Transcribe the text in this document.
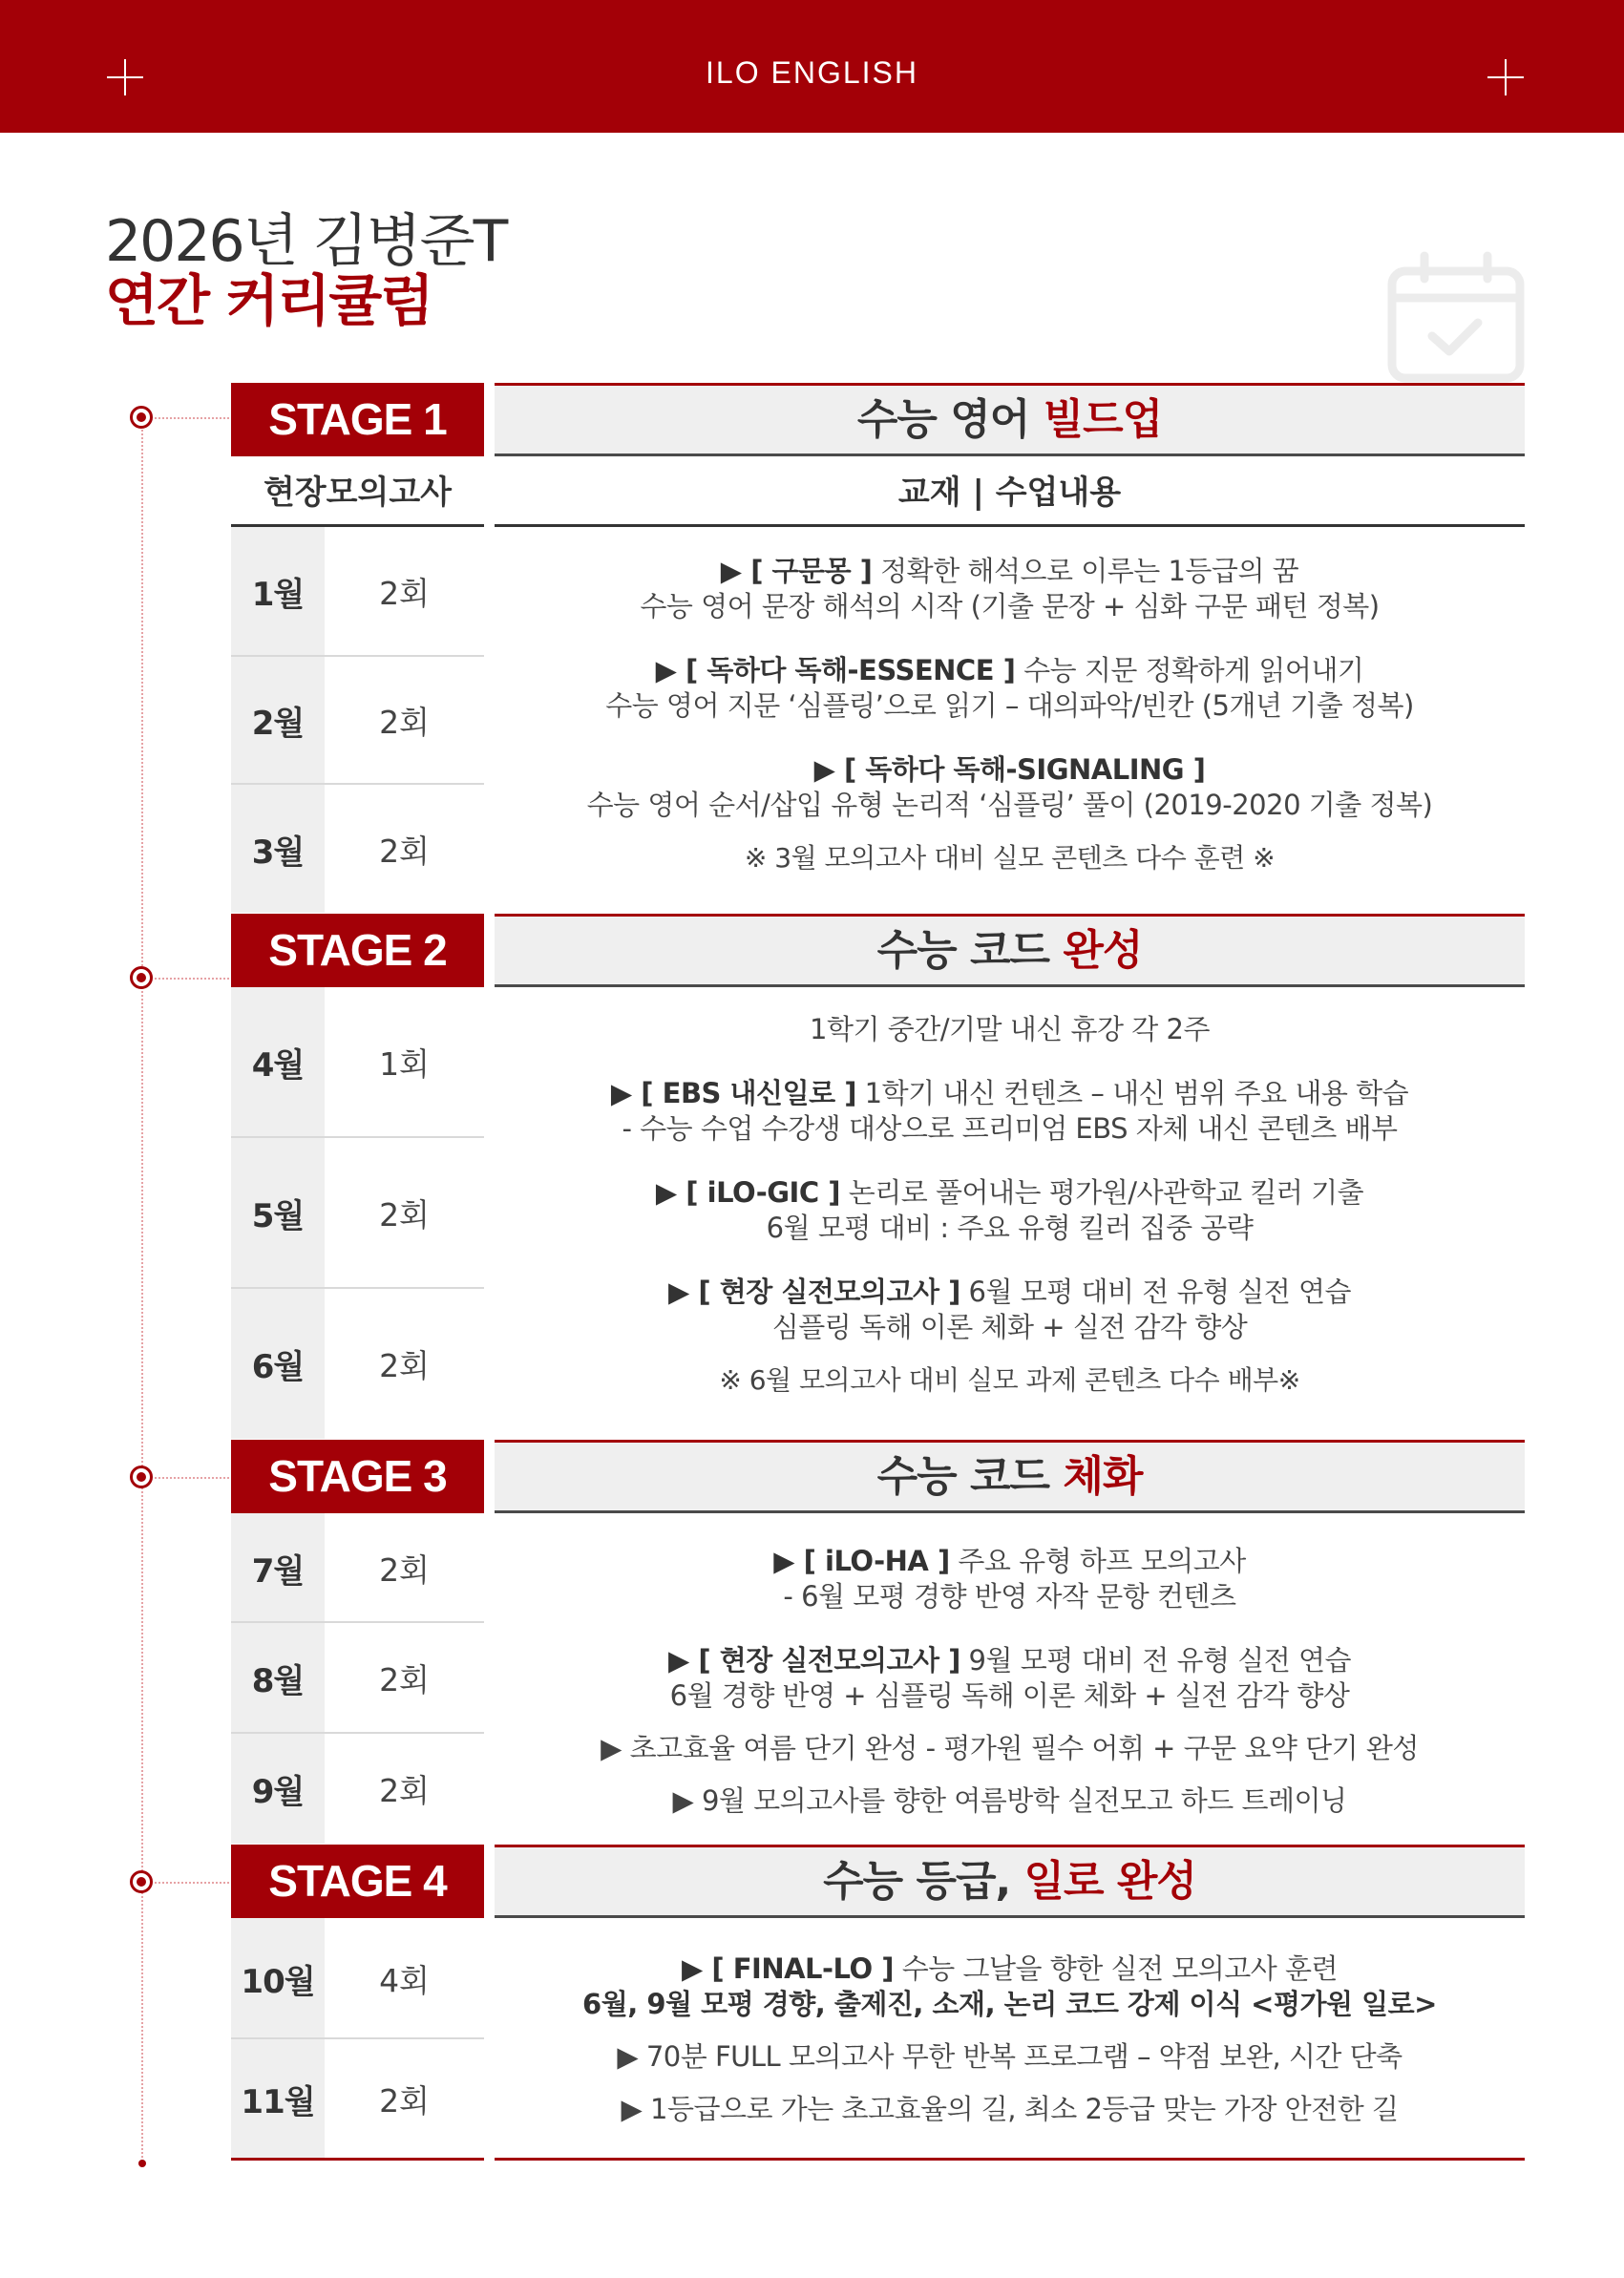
ILO ENGLISH
2026년 김병준T
연간 커리큘럼
현장모의고사	교재 | 수업내용
STAGE 1	수능 영어 빌드업
1월	2회
2월	2회
3월	2회
▶ [ 구문몽 ] 정확한 해석으로 이루는 1등급의 꿈
수능 영어 문장 해석의 시작 (기출 문장 + 심화 구문 패턴 정복)
▶ [ 독하다 독해-ESSENCE ] 수능 지문 정확하게 읽어내기
수능 영어 지문 ‘심플링’으로 읽기 – 대의파악/빈칸 (5개년 기출 정복)
▶ [ 독하다 독해-SIGNALING ]
수능 영어 순서/삽입 유형 논리적 ‘심플링’ 풀이 (2019-2020 기출 정복)
※ 3월 모의고사 대비 실모 콘텐츠 다수 훈련 ※
STAGE 2	수능 코드 완성
4월	1회
5월	2회
6월	2회
1학기 중간/기말 내신 휴강 각 2주
▶ [ EBS 내신일로 ] 1학기 내신 컨텐츠 – 내신 범위 주요 내용 학습
- 수능 수업 수강생 대상으로 프리미엄 EBS 자체 내신 콘텐츠 배부
▶ [ iLO-GIC ] 논리로 풀어내는 평가원/사관학교 킬러 기출
6월 모평 대비 : 주요 유형 킬러 집중 공략
▶ [ 현장 실전모의고사 ] 6월 모평 대비 전 유형 실전 연습
심플링 독해 이론 체화 + 실전 감각 향상
※ 6월 모의고사 대비 실모 과제 콘텐츠 다수 배부※
STAGE 3	수능 코드 체화
7월	2회
8월	2회
9월	2회
▶ [ iLO-HA ] 주요 유형 하프 모의고사
- 6월 모평 경향 반영 자작 문항 컨텐츠
▶ [ 현장 실전모의고사 ] 9월 모평 대비 전 유형 실전 연습
6월 경향 반영 + 심플링 독해 이론 체화 + 실전 감각 향상
▶ 초고효율 여름 단기 완성 - 평가원 필수 어휘 + 구문 요약 단기 완성
▶ 9월 모의고사를 향한 여름방학 실전모고 하드 트레이닝
STAGE 4	수능 등급, 일로 완성
10월	4회
11월	2회
▶ [ FINAL-LO ] 수능 그날을 향한 실전 모의고사 훈련
6월, 9월 모평 경향, 출제진, 소재, 논리 코드 강제 이식 <평가원 일로>
▶ 70분 FULL 모의고사 무한 반복 프로그램 – 약점 보완, 시간 단축
▶ 1등급으로 가는 초고효율의 길, 최소 2등급 맞는 가장 안전한 길
